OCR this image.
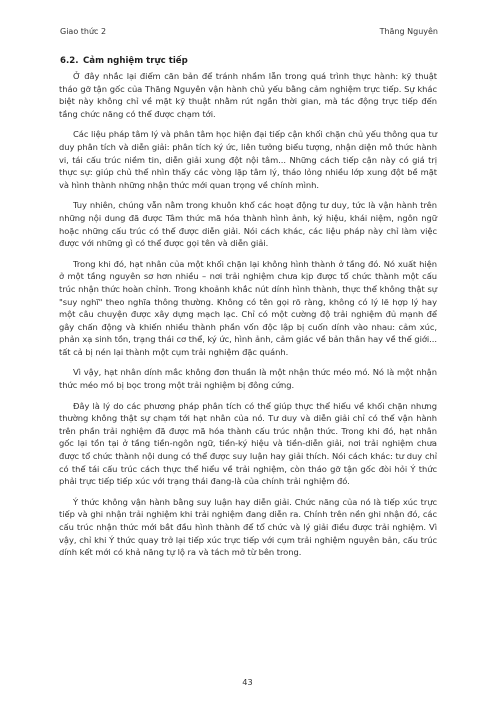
Giao thức 2	Thăng Nguyên
6.2. Cảm nghiệm trực tiếp

Ở đây nhắc lại điểm căn bản để tránh nhầm lẫn trong quá trình thực hành: kỹ thuật tháo gỡ tận gốc của Thăng Nguyên vận hành chủ yếu bằng cảm nghiệm trực tiếp. Sự khác biệt này không chỉ về mặt kỹ thuật nhằm rút ngắn thời gian, mà tác động trực tiếp đến tầng chức năng có thể được chạm tới.

Các liệu pháp tâm lý và phân tâm học hiện đại tiếp cận khối chặn chủ yếu thông qua tư duy phân tích và diễn giải: phân tích ký ức, liên tưởng biểu tượng, nhận diện mô thức hành vi, tái cấu trúc niềm tin, diễn giải xung đột nội tâm... Những cách tiếp cận này có giá trị thực sự: giúp chủ thể nhìn thấy các vòng lặp tâm lý, tháo lỏng nhiều lớp xung đột bề mặt và hình thành những nhận thức mới quan trọng về chính mình.

Tuy nhiên, chúng vẫn nằm trong khuôn khổ các hoạt động tư duy, tức là vận hành trên những nội dung đã được Tâm thức mã hóa thành hình ảnh, ký hiệu, khái niệm, ngôn ngữ hoặc những cấu trúc có thể được diễn giải. Nói cách khác, các liệu pháp này chỉ làm việc được với những gì có thể được gọi tên và diễn giải.

Trong khi đó, hạt nhân của một khối chặn lại không hình thành ở tầng đó. Nó xuất hiện ở một tầng nguyên sơ hơn nhiều – nơi trải nghiệm chưa kịp được tổ chức thành một cấu trúc nhận thức hoàn chỉnh. Trong khoảnh khắc nút dính hình thành, thực thể không thật sự "suy nghĩ" theo nghĩa thông thường. Không có tên gọi rõ ràng, không có lý lẽ hợp lý hay một câu chuyện được xây dựng mạch lạc. Chỉ có một cường độ trải nghiệm đủ mạnh để gây chấn động và khiến nhiều thành phần vốn độc lập bị cuốn dính vào nhau: cảm xúc, phản xạ sinh tồn, trạng thái cơ thể, ký ức, hình ảnh, cảm giác về bản thân hay về thế giới... tất cả bị nén lại thành một cụm trải nghiệm đặc quánh.

Vì vậy, hạt nhân dính mắc không đơn thuần là một nhận thức méo mó. Nó là một nhận thức méo mó bị bọc trong một trải nghiệm bị đông cứng.

Đây là lý do các phương pháp phân tích có thể giúp thực thể hiểu về khối chặn nhưng thường không thật sự chạm tới hạt nhân của nó. Tư duy và diễn giải chỉ có thể vận hành trên phần trải nghiệm đã được mã hóa thành cấu trúc nhận thức. Trong khi đó, hạt nhân gốc lại tồn tại ở tầng tiền-ngôn ngữ, tiền-ký hiệu và tiền-diễn giải, nơi trải nghiệm chưa được tổ chức thành nội dung có thể được suy luận hay giải thích. Nói cách khác: tư duy chỉ có thể tái cấu trúc cách thực thể hiểu về trải nghiệm, còn tháo gỡ tận gốc đòi hỏi Ý thức phải trực tiếp tiếp xúc với trạng thái đang-là của chính trải nghiệm đó.

Ý thức không vận hành bằng suy luận hay diễn giải. Chức năng của nó là tiếp xúc trực tiếp và ghi nhận trải nghiệm khi trải nghiệm đang diễn ra. Chính trên nền ghi nhận đó, các cấu trúc nhận thức mới bắt đầu hình thành để tổ chức và lý giải điều được trải nghiệm. Vì vậy, chỉ khi Ý thức quay trở lại tiếp xúc trực tiếp với cụm trải nghiệm nguyên bản, cấu trúc dính kết mới có khả năng tự lộ ra và tách mở từ bên trong.

43
